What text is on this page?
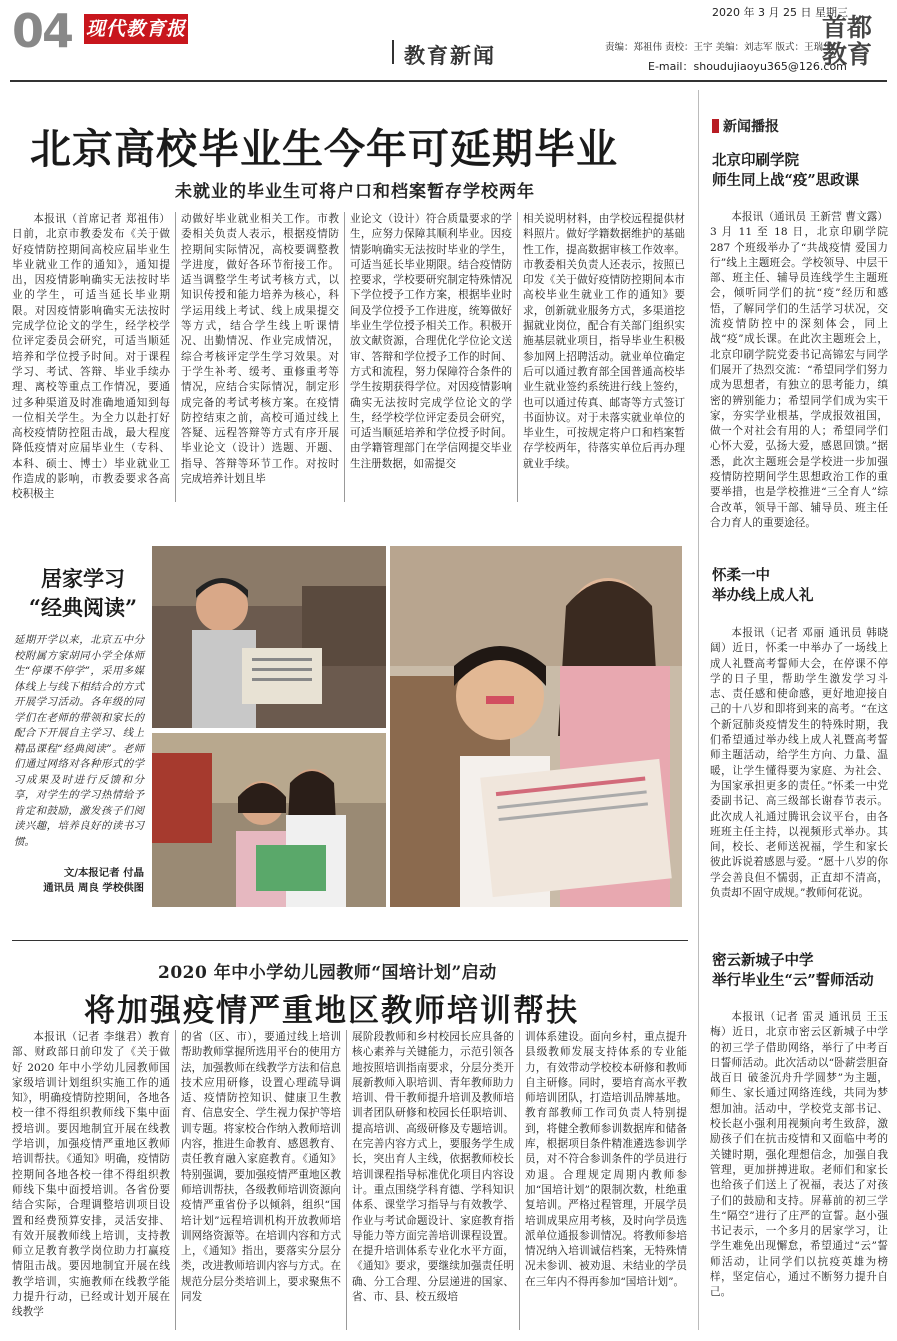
04 现代教育报
教育新闻
2020 年 3 月 25 日 星期三
责编：郑祖伟 责校：王宇 美编：刘志军 版式：王瑞华
E-mail：shoudujiaoyu365@126.com
首都
教育
北京高校毕业生今年可延期毕业
未就业的毕业生可将户口和档案暂存学校两年

本报讯（首席记者 郑祖伟）日前，北京市教委发布《关于做好疫情防控期间高校应届毕业生毕业就业工作的通知》，通知提出，因疫情影响确实无法按时毕业的学生，可适当延长毕业期限。对因疫情影响确实无法按时完成学位论文的学生，经学校学位评定委员会研究，可适当顺延培养和学位授予时间。对于课程学习、考试、答辩、毕业手续办理、离校等重点工作情况，要通过多种渠道及时准确地通知到每一位相关学生。为全力以赴打好高校疫情防控阻击战，最大程度降低疫情对应届毕业生（专科、本科、硕士、博士）毕业就业工作造成的影响，市教委要求各高校积极主

动做好毕业就业相关工作。市教委相关负责人表示，根据疫情防控期间实际情况，高校要调整教学进度，做好各环节衔接工作。适当调整学生考试考核方式，以知识传授和能力培养为核心，科学运用线上考试、线上成果提交等方式，结合学生线上听课情况、出勤情况、作业完成情况，综合考核评定学生学习效果。对于学生补考、缓考、重修重考等情况，应结合实际情况，制定形成完备的考试考核方案。在疫情防控结束之前，高校可通过线上答疑、远程答辩等方式有序开展毕业论文（设计）选题、开题、指导、答辩等环节工作。对按时完成培养计划且毕

业论文（设计）符合质量要求的学生，应努力保障其顺利毕业。因疫情影响确实无法按时毕业的学生，可适当延长毕业期限。结合疫情防控要求，学校要研究制定特殊情况下学位授予工作方案，根据毕业时间及学位授予工作进度，统筹做好毕业生学位授予相关工作。积极开放文献资源，合理优化学位论文送审、答辩和学位授予工作的时间、方式和流程，努力保障符合条件的学生按期获得学位。对因疫情影响确实无法按时完成学位论文的学生，经学校学位评定委员会研究，可适当顺延培养和学位授予时间。由学籍管理部门在学信网提交毕业生注册数据，如需提交

相关说明材料，由学校远程提供材料照片。做好学籍数据维护的基础性工作，提高数据审核工作效率。市教委相关负责人还表示，按照已印发《关于做好疫情防控期间本市高校毕业生就业工作的通知》要求，创新就业服务方式，多渠道挖掘就业岗位，配合有关部门组织实施基层就业项目，指导毕业生积极参加网上招聘活动。就业单位确定后可以通过教育部全国普通高校毕业生就业签约系统进行线上签约，也可以通过传真、邮寄等方式签订书面协议。对于未落实就业单位的毕业生，可按规定将户口和档案暂存学校两年，待落实单位后再办理就业手续。

新闻播报
北京印刷学院
师生同上战“疫”思政课

本报讯（通讯员 王新营 曹文露）3 月 11 至 18 日，北京印刷学院 287 个班级举办了“共战疫情 爱国力行”线上主题班会。学校领导、中层干部、班主任、辅导员连线学生主题班会，倾听同学们的抗“疫”经历和感悟，了解同学们的生活学习状况，交流疫情防控中的深刻体会，同上战“疫”成长课。在此次主题班会上，北京印刷学院党委书记高锦宏与同学们展开了热烈交流：“希望同学们努力成为思想者，有独立的思考能力，缜密的辨别能力；希望同学们成为实干家，夯实学业根基，学成报效祖国，做一个对社会有用的人；希望同学们心怀大爱，弘扬大爱，感恩回馈。”据悉，此次主题班会是学校进一步加强疫情防控期间学生思想政治工作的重要举措，也是学校推进“三全育人”综合改革，领导干部、辅导员、班主任合力育人的重要途径。

怀柔一中
举办线上成人礼

本报讯（记者 邓丽 通讯员 韩晓阔）近日，怀柔一中举办了一场线上成人礼暨高考誓师大会，在停课不停学的日子里，帮助学生激发学习斗志、责任感和使命感，更好地迎接自己的十八岁和即将到来的高考。“在这个新冠肺炎疫情发生的特殊时期，我们希望通过举办线上成人礼暨高考誓师主题活动，给学生方向、力量、温暖，让学生懂得要为家庭、为社会、为国家承担更多的责任。”怀柔一中党委副书记、高三级部长谢春节表示。此次成人礼通过腾讯会议平台，由各班班主任主持，以视频形式举办。其间，校长、老师送祝福，学生和家长彼此诉说着感恩与爱。“愿十八岁的你学会善良但不懦弱，正直却不清高，负责却不固守成规。”教师何花说。

密云新城子中学
举行毕业生“云”誓师活动

本报讯（记者 雷灵 通讯员 王玉梅）近日，北京市密云区新城子中学的初三学子借助网络，举行了中考百日誓师活动。此次活动以“卧薪尝胆奋战百日 破釜沉舟升学圆梦”为主题，师生、家长通过网络连线，共同为梦想加油。活动中，学校党支部书记、校长赵小强利用视频向考生致辞，激励孩子们在抗击疫情和又面临中考的关键时期，强化理想信念，加强自我管理，更加拼搏进取。老师们和家长也给孩子们送上了祝福，表达了对孩子们的鼓励和支持。屏幕前的初三学生“隔空”进行了庄严的宣誓。赵小强书记表示，一个多月的居家学习，让学生难免出现懈怠，希望通过“云”誓师活动，让同学们以抗疫英雄为榜样，坚定信心，通过不断努力提升自己。

居家学习
“经典阅读”
延期开学以来，北京五中分校附属方家胡同小学全体师生“停课不停学”，采用多媒体线上与线下相结合的方式开展学习活动。各年级的同学们在老师的带领和家长的配合下开展自主学习、线上精品课程“经典阅读”。老师们通过网络对各种形式的学习成果及时进行反馈和分享，对学生的学习热情给予肯定和鼓励，激发孩子们阅读兴趣，培养良好的读书习惯。
文/本报记者 付晶
通讯员 周良 学校供图
2020 年中小学幼儿园教师“国培计划”启动
将加强疫情严重地区教师培训帮扶

本报讯（记者 李继君）教育部、财政部日前印发了《关于做好 2020 年中小学幼儿园教师国家级培训计划组织实施工作的通知》，明确疫情防控期间，各地各校一律不得组织教师线下集中面授培训。要因地制宜开展在线教学培训，加强疫情严重地区教师培训帮扶。《通知》明确，疫情防控期间各地各校一律不得组织教师线下集中面授培训。各省份要结合实际，合理调整培训项目设置和经费预算安排，灵活安排、有效开展教师线上培训，支持教师立足教育教学岗位助力打赢疫情阻击战。要因地制宜开展在线教学培训，实施教师在线教学能力提升行动，已经或计划开展在线教学

的省（区、市），要通过线上培训帮助教师掌握所选用平台的使用方法，加强教师在线教学方法和信息技术应用研修，设置心理疏导调适、疫情防控知识、健康卫生教育、信息安全、学生视力保护等培训专题。将家校合作纳入教师培训内容，推进生命教育、感恩教育、责任教育融入家庭教育。《通知》特别强调，要加强疫情严重地区教师培训帮扶，各级教师培训资源向疫情严重省份予以倾斜，组织“国培计划”远程培训机构开放教师培训网络资源等。在培训内容和方式上，《通知》指出，要落实分层分类，改进教师培训内容与方式。在规范分层分类培训上，要求聚焦不同发

展阶段教师和乡村校园长应具备的核心素养与关键能力，示范引领各地按照培训指南要求，分层分类开展新教师入职培训、青年教师助力培训、骨干教师提升培训及教师培训者团队研修和校园长任职培训、提高培训、高级研修及专题培训。在完善内容方式上，要服务学生成长，突出育人主线，依据教师校长培训课程指导标准优化项目内容设计。重点围绕学科育德、学科知识体系、课堂学习指导与有效教学、作业与考试命题设计、家庭教育指导能力等方面完善培训课程设置。在提升培训体系专业化水平方面，《通知》要求，要继续加强责任明确、分工合理、分层递进的国家、省、市、县、校五级培

训体系建设。面向乡村，重点提升县级教师发展支持体系的专业能力，有效带动学校校本研修和教师自主研修。同时，要培育高水平教师培训团队，打造培训品牌基地。教育部教师工作司负责人特别提到，将健全教师参训数据库和储备库，根据项目条件精准遴选参训学员，对不符合参训条件的学员进行劝退。合理规定周期内教师参加“国培计划”的限制次数，杜绝重复培训。严格过程管理，开展学员培训成果应用考核，及时向学员选派单位通报参训情况。将教师参培情况纳入培训诚信档案，无特殊情况未参训、被劝退、未结业的学员在三年内不得再参加“国培计划”。
